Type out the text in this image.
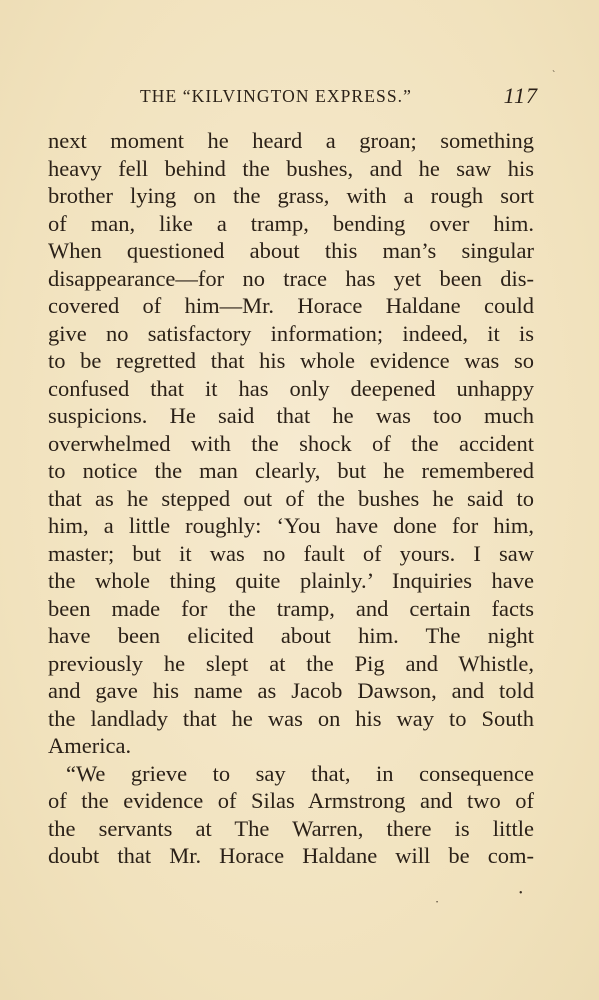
THE “KILVINGTON EXPRESS.”	117
next moment he heard a groan; something
heavy fell behind the bushes, and he saw his
brother lying on the grass, with a rough sort
of man, like a tramp, bending over him.
When questioned about this man’s singular
disappearance—for no trace has yet been dis-
covered of him—Mr. Horace Haldane could
give no satisfactory information; indeed, it is
to be regretted that his whole evidence was so
confused that it has only deepened unhappy
suspicions. He said that he was too much
overwhelmed with the shock of the accident
to notice the man clearly, but he remembered
that as he stepped out of the bushes he said to
him, a little roughly: ‘You have done for him,
master; but it was no fault of yours. I saw
the whole thing quite plainly.’ Inquiries have
been made for the tramp, and certain facts
have been elicited about him. The night
previously he slept at the Pig and Whistle,
and gave his name as Jacob Dawson, and told
the landlady that he was on his way to South
America.
“We grieve to say that, in consequence
of the evidence of Silas Armstrong and two of
the servants at The Warren, there is little
doubt that Mr. Horace Haldane will be com-
`
•
•
